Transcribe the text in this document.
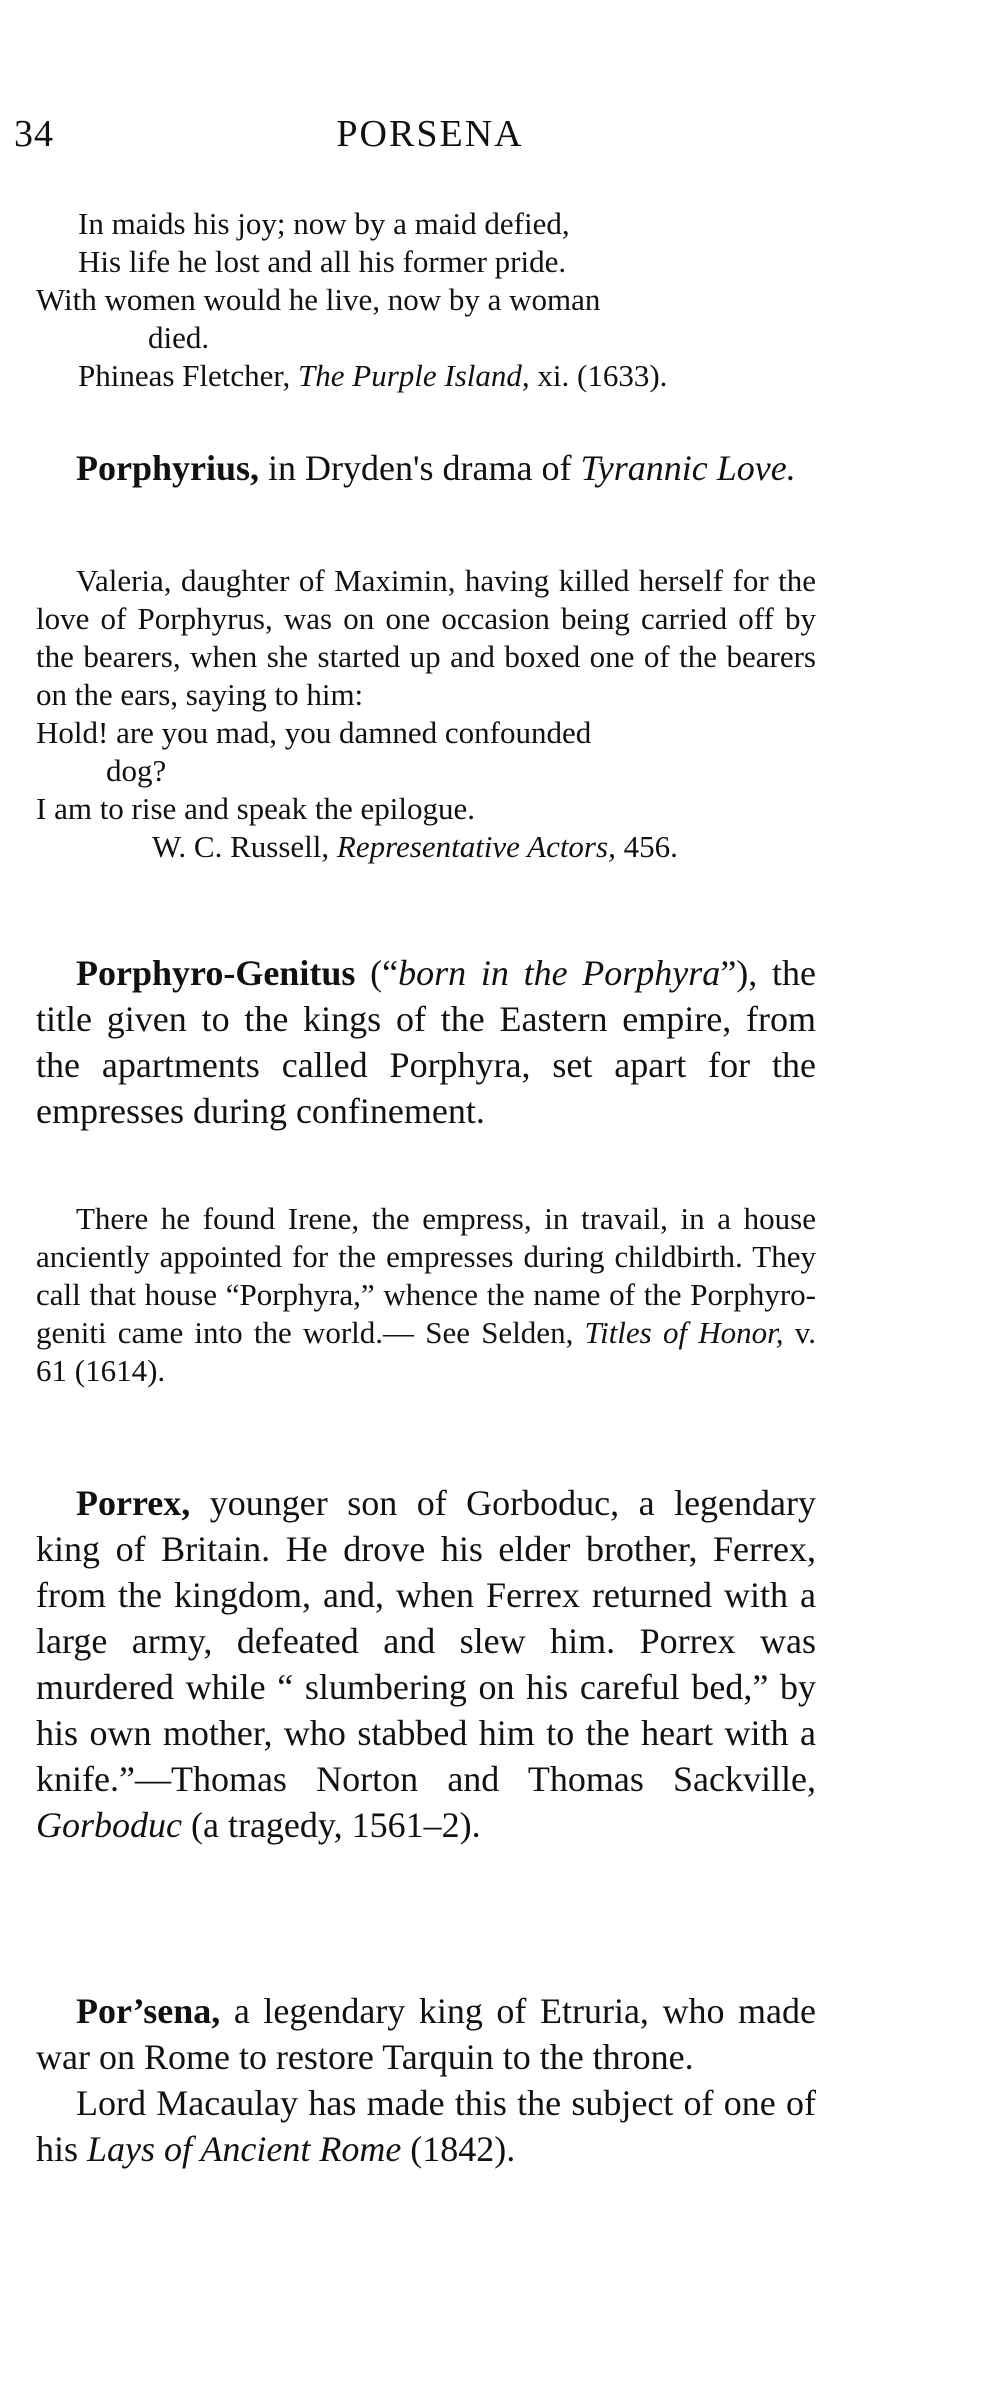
34	PORSENA

In maids his joy; now by a maid defied,

His life he lost and all his former pride.

With women would he live, now by a woman

died.

Phineas Fletcher, The Purple Island, xi. (1633).

Porphyrius, in Dryden's drama of Tyrannic Love.

Valeria, daughter of Maximin, having killed herself for the love of Porphyrus, was on one occasion being carried off by the bearers, when she started up and boxed one of the bearers on the ears, saying to him:

Hold! are you mad, you damned confounded

dog?

I am to rise and speak the epilogue.

W. C. Russell, Representative Actors, 456.

Porphyro-Genitus (“born in the Porphyra”), the title given to the kings of the Eastern empire, from the apartments called Porphyra, set apart for the empresses during confinement.

There he found Irene, the empress, in travail, in a house anciently appointed for the empresses during childbirth. They call that house “Porphyra,” whence the name of the Porphyro-geniti came into the world.— See Selden, Titles of Honor, v. 61 (1614).

Porrex, younger son of Gorboduc, a legendary king of Britain. He drove his elder brother, Ferrex, from the kingdom, and, when Ferrex returned with a large army, defeated and slew him. Porrex was murdered while “ slumbering on his careful bed,” by his own mother, who stabbed him to the heart with a knife.”—Thomas Norton and Thomas Sackville, Gorboduc (a tragedy, 1561–2).

Por’sena, a legendary king of Etruria, who made war on Rome to restore Tarquin to the throne.

Lord Macaulay has made this the subject of one of his Lays of Ancient Rome (1842).
